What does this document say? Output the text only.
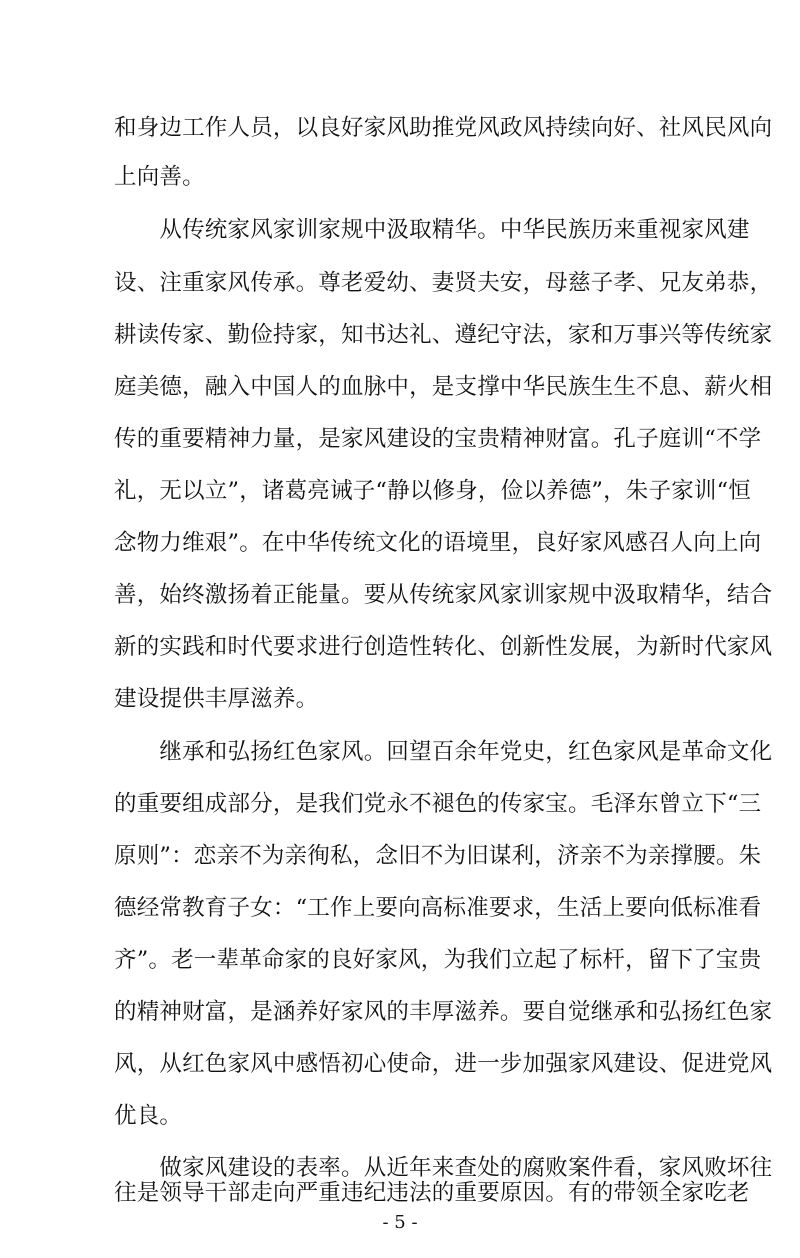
和身边工作人员，以良好家风助推党风政风持续向好、社风民风向
上向善。
　　从传统家风家训家规中汲取精华。中华民族历来重视家风建
设、注重家风传承。尊老爱幼、妻贤夫安，母慈子孝、兄友弟恭，
耕读传家、勤俭持家，知书达礼、遵纪守法，家和万事兴等传统家
庭美德，融入中国人的血脉中，是支撑中华民族生生不息、薪火相
传的重要精神力量，是家风建设的宝贵精神财富。孔子庭训“不学
礼，无以立”，诸葛亮诫子“静以修身，俭以养德”，朱子家训“恒
念物力维艰”。在中华传统文化的语境里，良好家风感召人向上向
善，始终激扬着正能量。要从传统家风家训家规中汲取精华，结合
新的实践和时代要求进行创造性转化、创新性发展，为新时代家风
建设提供丰厚滋养。
　　继承和弘扬红色家风。回望百余年党史，红色家风是革命文化
的重要组成部分，是我们党永不褪色的传家宝。毛泽东曾立下“三
原则”：恋亲不为亲徇私，念旧不为旧谋利，济亲不为亲撑腰。朱
德经常教育子女：“工作上要向高标准要求，生活上要向低标准看
齐”。老一辈革命家的良好家风，为我们立起了标杆，留下了宝贵
的精神财富，是涵养好家风的丰厚滋养。要自觉继承和弘扬红色家
风，从红色家风中感悟初心使命，进一步加强家风建设、促进党风
优良。
　　做家风建设的表率。从近年来查处的腐败案件看，家风败坏往
往是领导干部走向严重违纪违法的重要原因。有的带领全家吃老
- 5 -
